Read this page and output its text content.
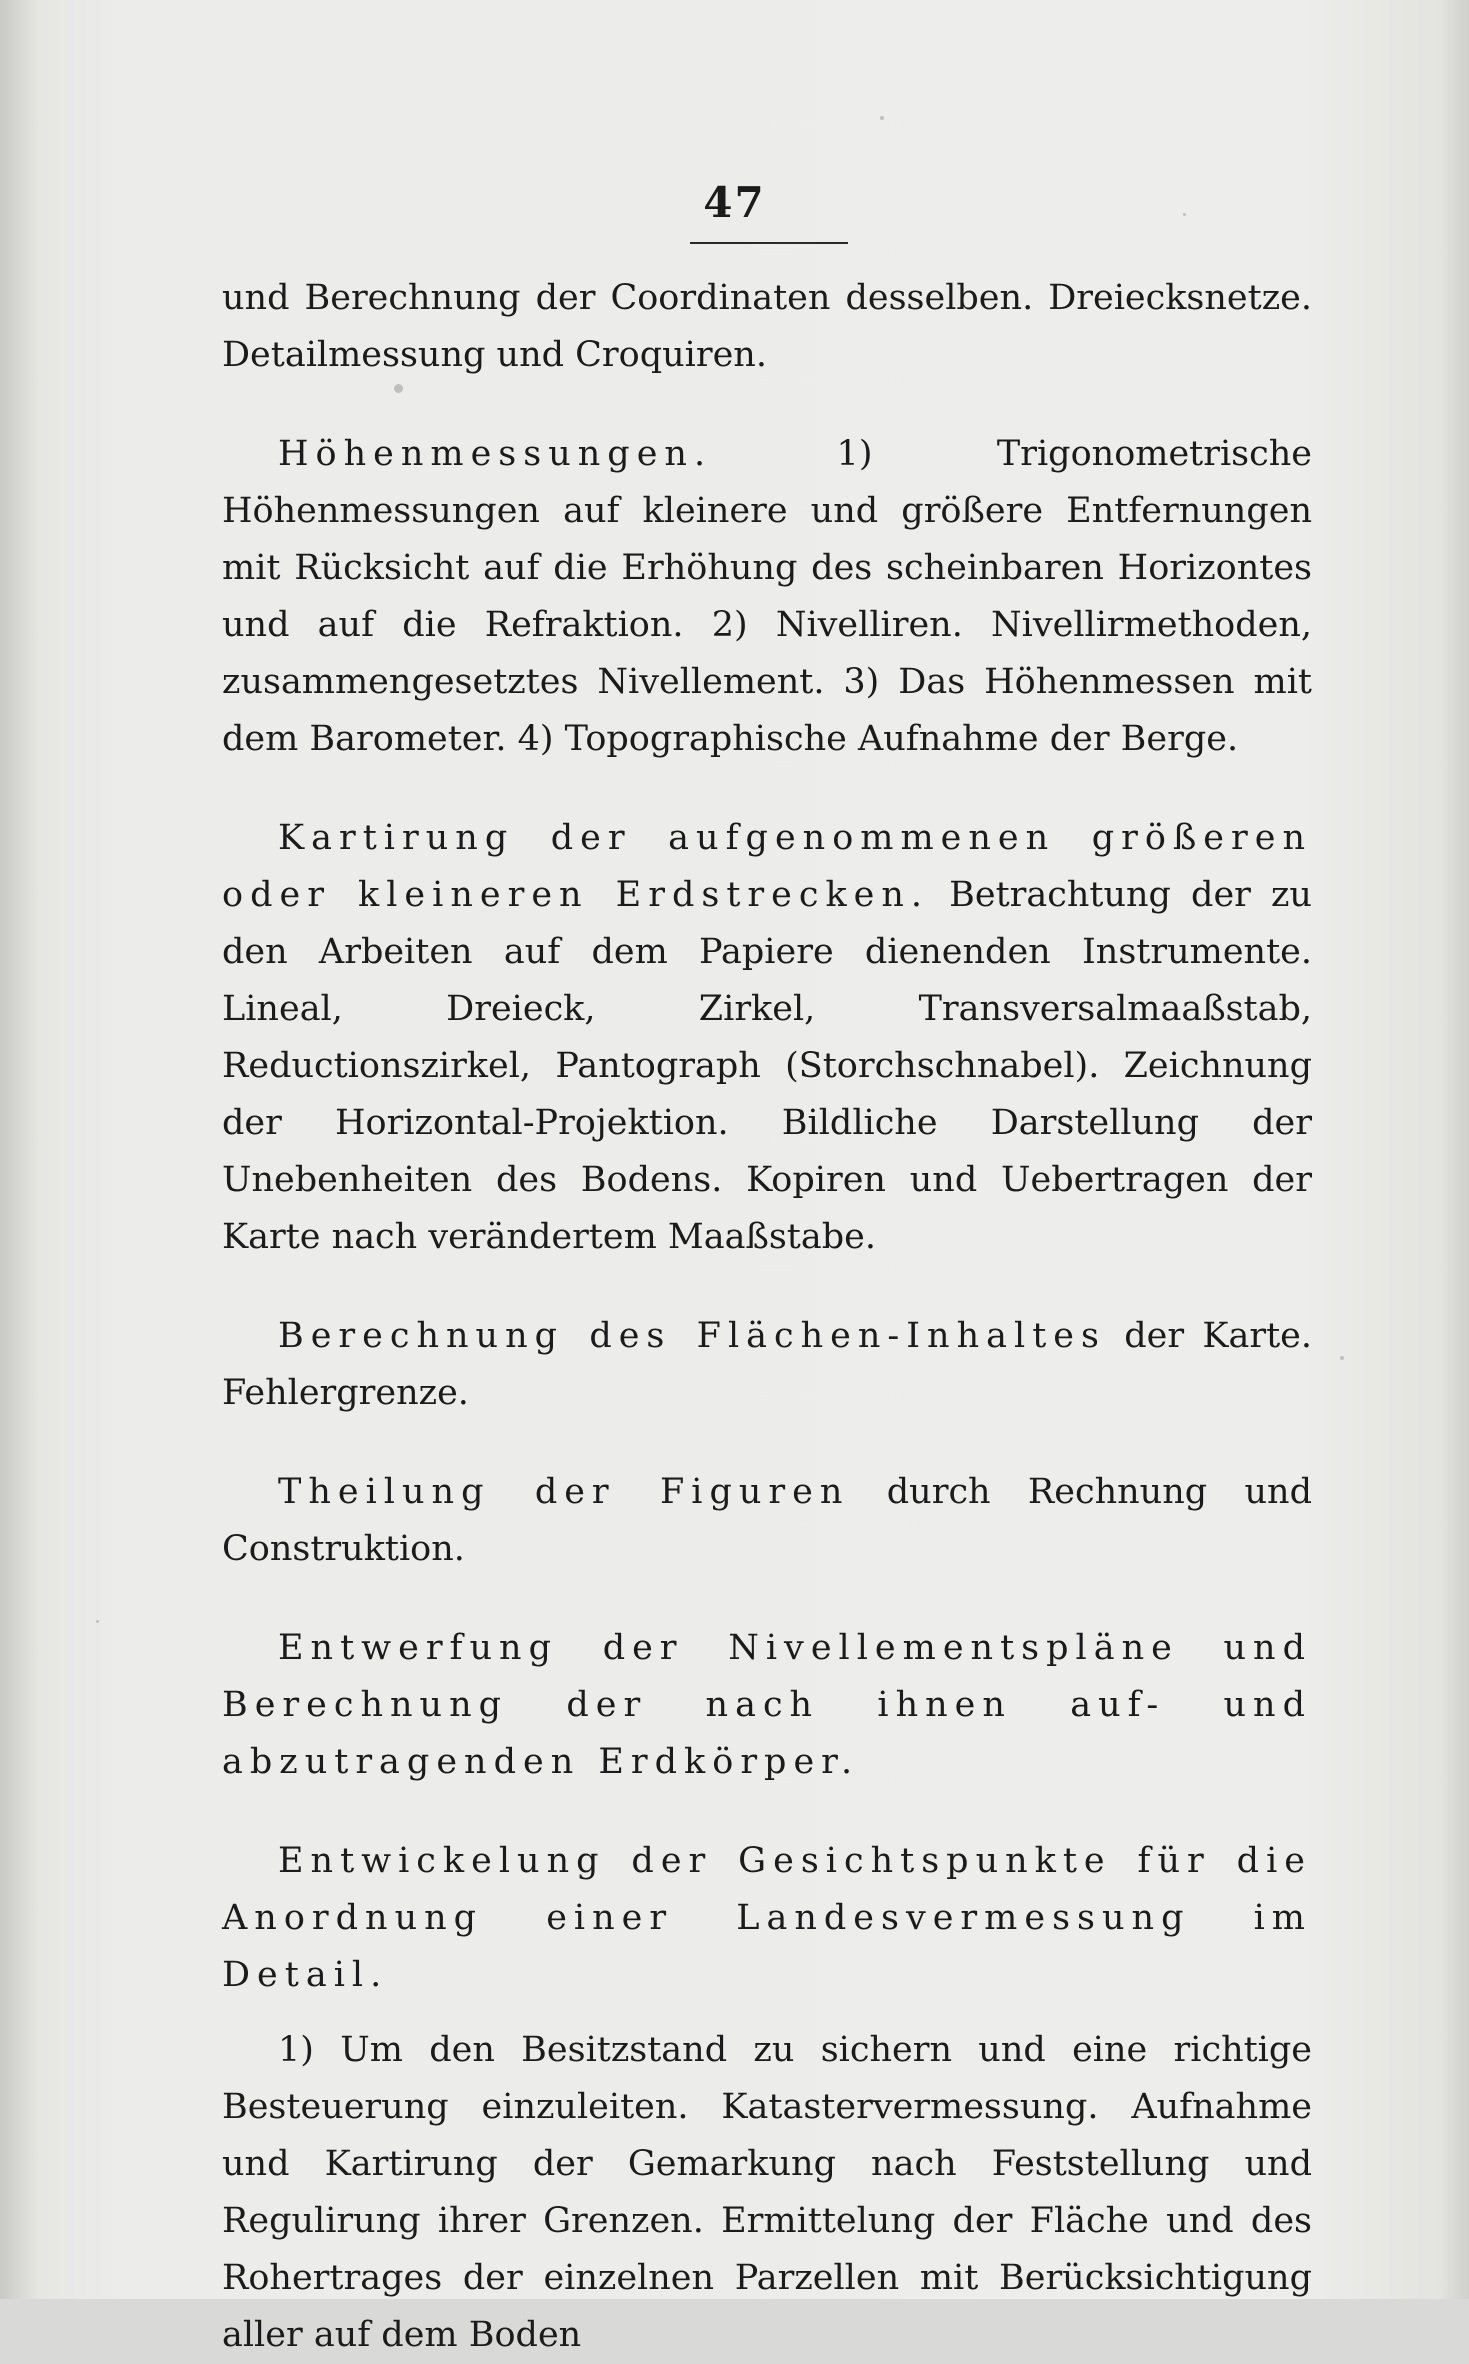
47

und Berechnung der Coordinaten desselben. Dreiecksnetze. Detailmessung und Croquiren.

Höhenmessungen.	1) Trigonometrische Höhenmessungen auf kleinere und größere Entfernungen mit Rücksicht auf die Erhöhung des scheinbaren Horizontes und auf die Refraktion. 2) Nivelliren. Nivellirmethoden, zusammengesetztes Nivellement. 3) Das Höhenmessen mit dem Barometer. 4) Topographische Aufnahme der Berge.

Kartirung der aufgenommenen größeren oder kleineren Erdstrecken. Betrachtung der zu den Arbeiten auf dem Papiere dienenden Instrumente. Lineal, Dreieck, Zirkel, Transversalmaaßstab, Reductionszirkel, Pantograph (Storchschnabel). Zeichnung der Horizontal-Projektion. Bildliche Darstellung der Unebenheiten des Bodens. Kopiren und Uebertragen der Karte nach verändertem Maaßstabe.

Berechnung des Flächen-Inhaltes der Karte. Fehlergrenze.

Theilung der Figuren durch Rechnung und Construktion.

Entwerfung der Nivellementspläne und Berechnung der nach ihnen auf- und abzutragenden Erdkörper.

Entwickelung der Gesichtspunkte für die Anordnung einer Landesvermessung im Detail.

1) Um den Besitzstand zu sichern und eine richtige Besteuerung einzuleiten. Katastervermessung. Aufnahme und Kartirung der Gemarkung nach Feststellung und Regulirung ihrer Grenzen. Ermittelung der Fläche und des Rohertrages der einzelnen Parzellen mit Berücksichtigung aller auf dem Boden
